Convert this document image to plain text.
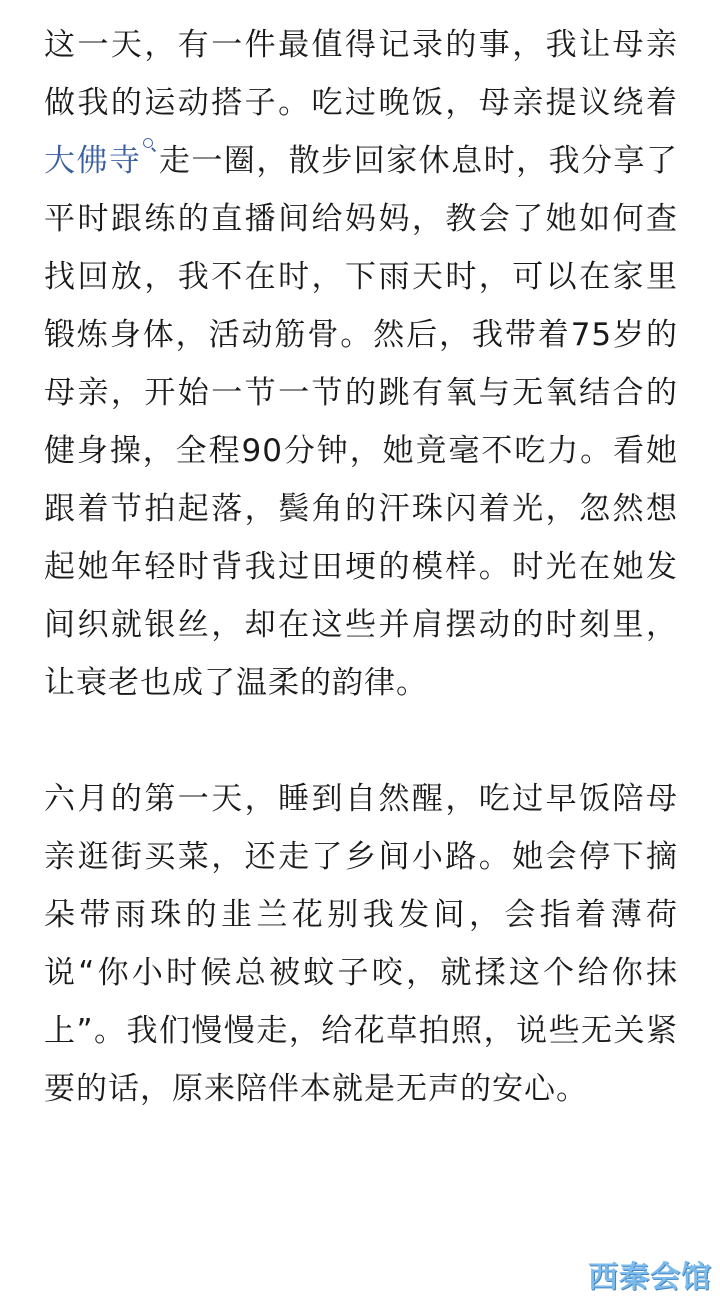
这一天，有一件最值得记录的事，我让母亲做我的运动搭子。吃过晚饭，母亲提议绕着大佛寺 走一圈，散步回家休息时，我分享了平时跟练的直播间给妈妈，教会了她如何查找回放，我不在时，下雨天时，可以在家里锻炼身体，活动筋骨。然后，我带着75岁的母亲，开始一节一节的跳有氧与无氧结合的健身操，全程90分钟，她竟毫不吃力。看她跟着节拍起落，鬓角的汗珠闪着光，忽然想起她年轻时背我过田埂的模样。时光在她发间织就银丝，却在这些并肩摆动的时刻里，让衰老也成了温柔的韵律。

六月的第一天，睡到自然醒，吃过早饭陪母亲逛街买菜，还走了乡间小路。她会停下摘朵带雨珠的韭兰花别我发间，会指着薄荷说“你小时候总被蚊子咬，就揉这个给你抹上”。我们慢慢走，给花草拍照，说些无关紧要的话，原来陪伴本就是无声的安心。

西秦会馆
